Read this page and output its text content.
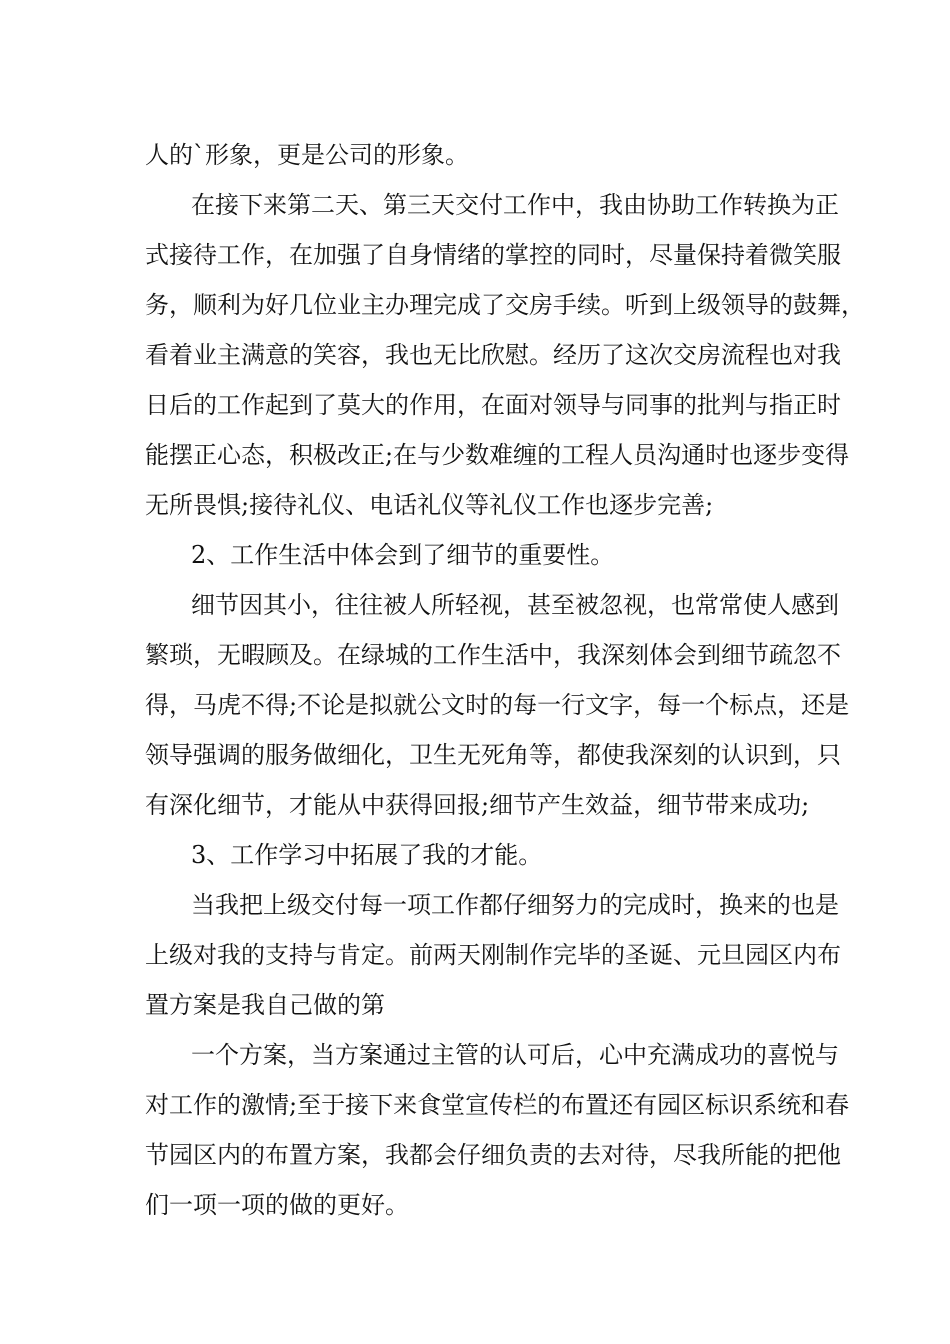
人的`形象，更是公司的形象。
在接下来第二天、第三天交付工作中，我由协助工作转换为正
式接待工作，在加强了自身情绪的掌控的同时，尽量保持着微笑服
务，顺利为好几位业主办理完成了交房手续。听到上级领导的鼓舞，
看着业主满意的笑容，我也无比欣慰。经历了这次交房流程也对我
日后的工作起到了莫大的作用，在面对领导与同事的批判与指正时
能摆正心态，积极改正;在与少数难缠的工程人员沟通时也逐步变得
无所畏惧;接待礼仪、电话礼仪等礼仪工作也逐步完善;
2、工作生活中体会到了细节的重要性。
细节因其小，往往被人所轻视，甚至被忽视，也常常使人感到
繁琐，无暇顾及。在绿城的工作生活中，我深刻体会到细节疏忽不
得，马虎不得;不论是拟就公文时的每一行文字，每一个标点，还是
领导强调的服务做细化，卫生无死角等，都使我深刻的认识到，只
有深化细节，才能从中获得回报;细节产生效益，细节带来成功;
3、工作学习中拓展了我的才能。
当我把上级交付每一项工作都仔细努力的完成时，换来的也是
上级对我的支持与肯定。前两天刚制作完毕的圣诞、元旦园区内布
置方案是我自己做的第
一个方案，当方案通过主管的认可后，心中充满成功的喜悦与
对工作的激情;至于接下来食堂宣传栏的布置还有园区标识系统和春
节园区内的布置方案，我都会仔细负责的去对待，尽我所能的把他
们一项一项的做的更好。
